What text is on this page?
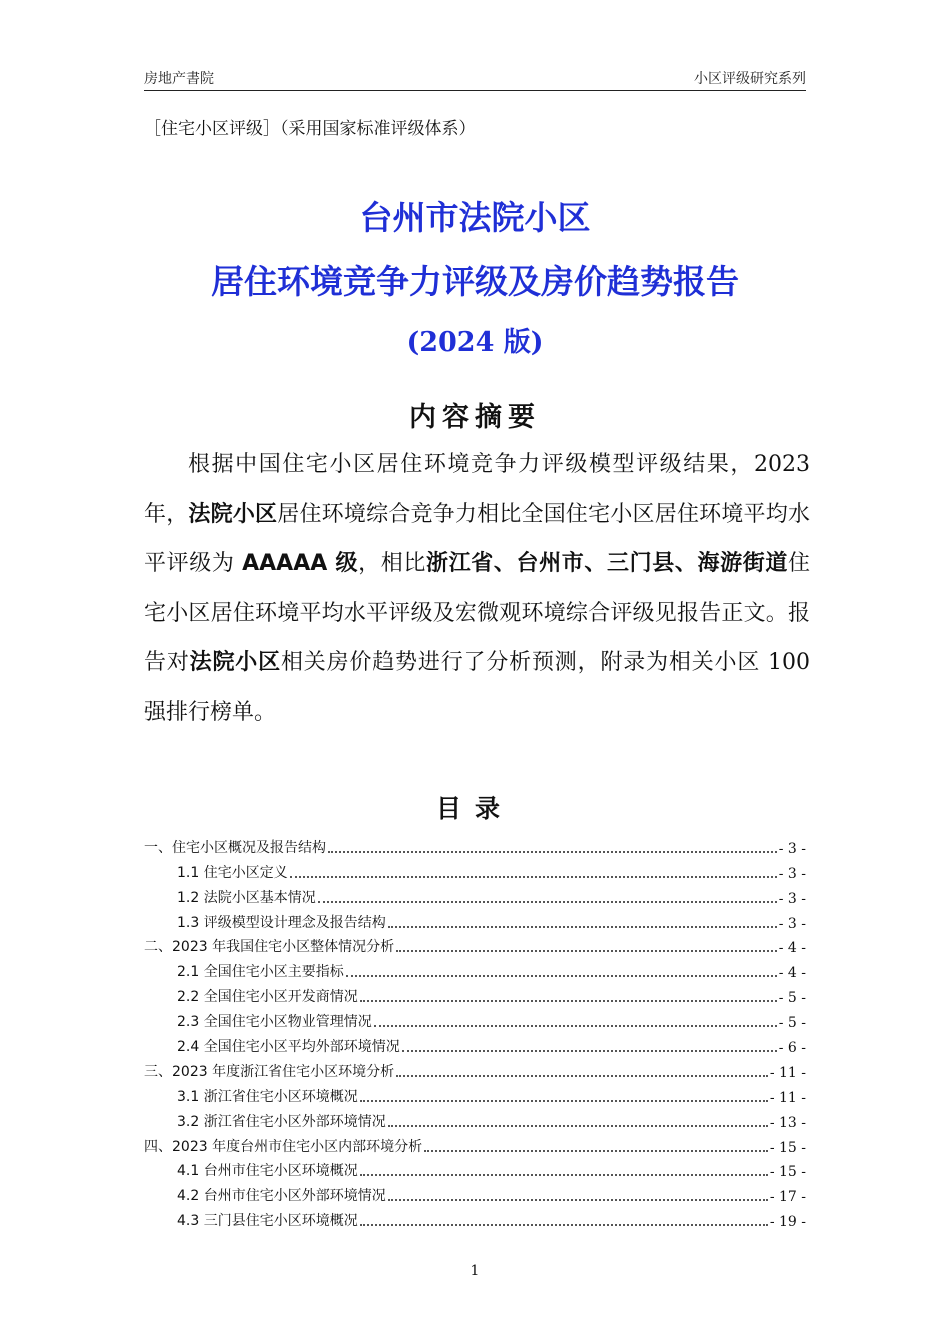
房地产書院	小区评级研究系列
［住宅小区评级］（采用国家标准评级体系）
台州市法院小区
居住环境竞争力评级及房价趋势报告
(2024 版)
内容摘要
根据中国住宅小区居住环境竞争力评级模型评级结果，2023 年，法院小区居住环境综合竞争力相比全国住宅小区居住环境平均水平评级为 AAAAA 级，相比浙江省、台州市、三门县、海游街道住宅小区居住环境平均水平评级及宏微观环境综合评级见报告正文。报告对法院小区相关房价趋势进行了分析预测，附录为相关小区 100 强排行榜单。
目录
一、住宅小区概况及报告结构	- 3 -
1.1 住宅小区定义	- 3 -
1.2 法院小区基本情况	- 3 -
1.3 评级模型设计理念及报告结构	- 3 -
二、2023 年我国住宅小区整体情况分析	- 4 -
2.1 全国住宅小区主要指标	- 4 -
2.2 全国住宅小区开发商情况	- 5 -
2.3 全国住宅小区物业管理情况	- 5 -
2.4 全国住宅小区平均外部环境情况	- 6 -
三、2023 年度浙江省住宅小区环境分析	- 11 -
3.1 浙江省住宅小区环境概况	- 11 -
3.2 浙江省住宅小区外部环境情况	- 13 -
四、2023 年度台州市住宅小区内部环境分析	- 15 -
4.1 台州市住宅小区环境概况	- 15 -
4.2 台州市住宅小区外部环境情况	- 17 -
4.3 三门县住宅小区环境概况	- 19 -
1
